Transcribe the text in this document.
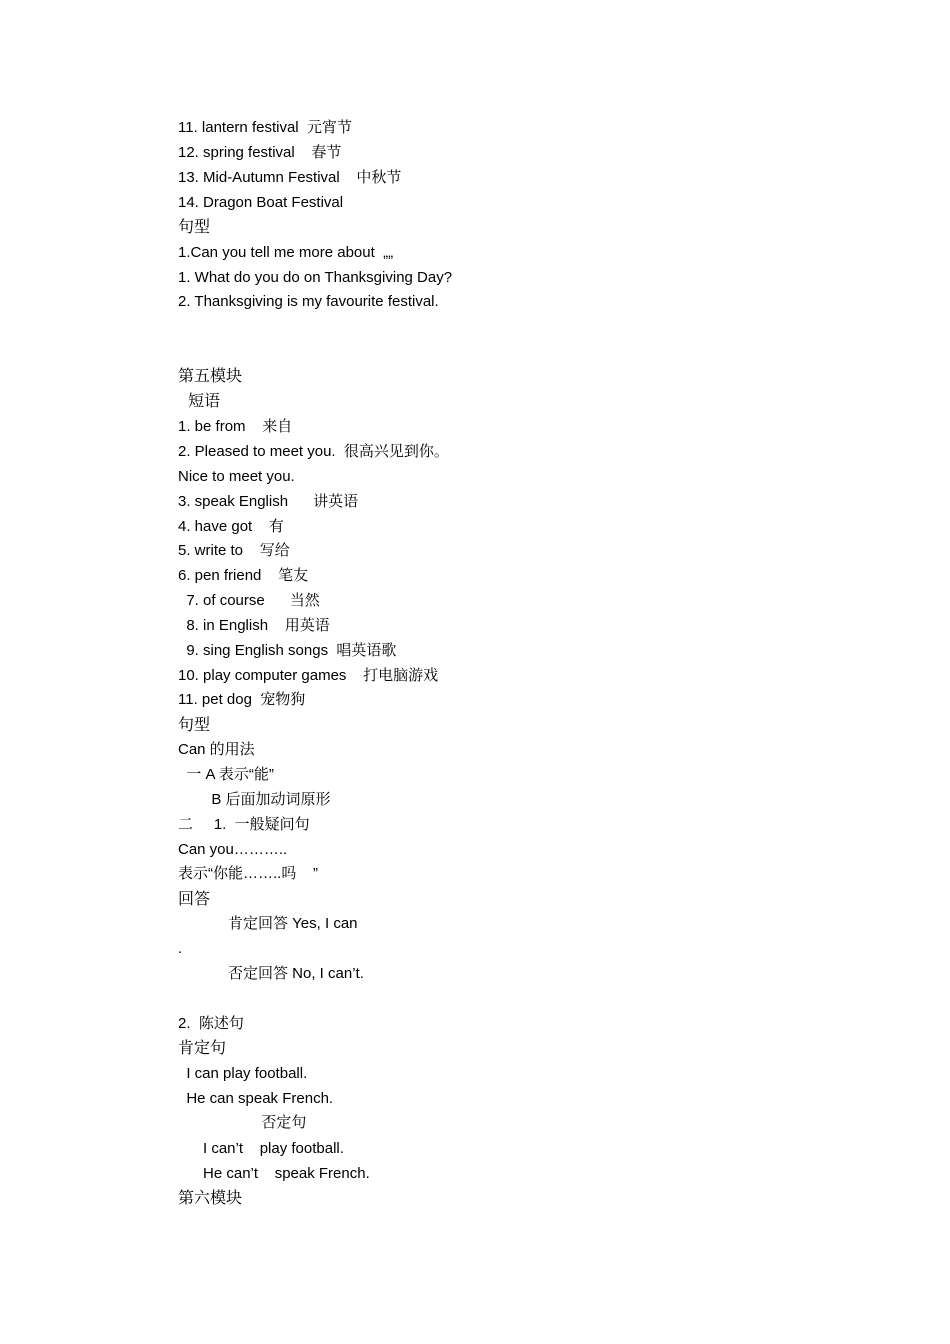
11. lantern festival  元宵节
12. spring festival    春节
13. Mid-Autumn Festival    中秋节
14. Dragon Boat Festival
句型
1.Can you tell me more about  „„
1. What do you do on Thanksgiving Day?
2. Thanksgiving is my favourite festival.
第五模块
短语
1. be from    来自
2. Pleased to meet you.  很高兴见到你。
Nice to meet you.
3. speak English      讲英语
4. have got    有
5. write to    写给
6. pen friend    笔友
7. of course      当然
8. in English    用英语
9. sing English songs  唱英语歌
10. play computer games    打电脑游戏
11. pet dog  宠物狗
句型
Can 的用法
一 A 表示“能”
B 后面加动词原形
二     1.  一般疑问句
Can you………..
表示“你能……..吗    ”
回答
肯定回答 Yes, I can
.
否定回答 No, I can’t.
2.  陈述句
肯定句
I can play football.
He can speak French.
否定句
I can’t    play football.
He can’t    speak French.
第六模块
